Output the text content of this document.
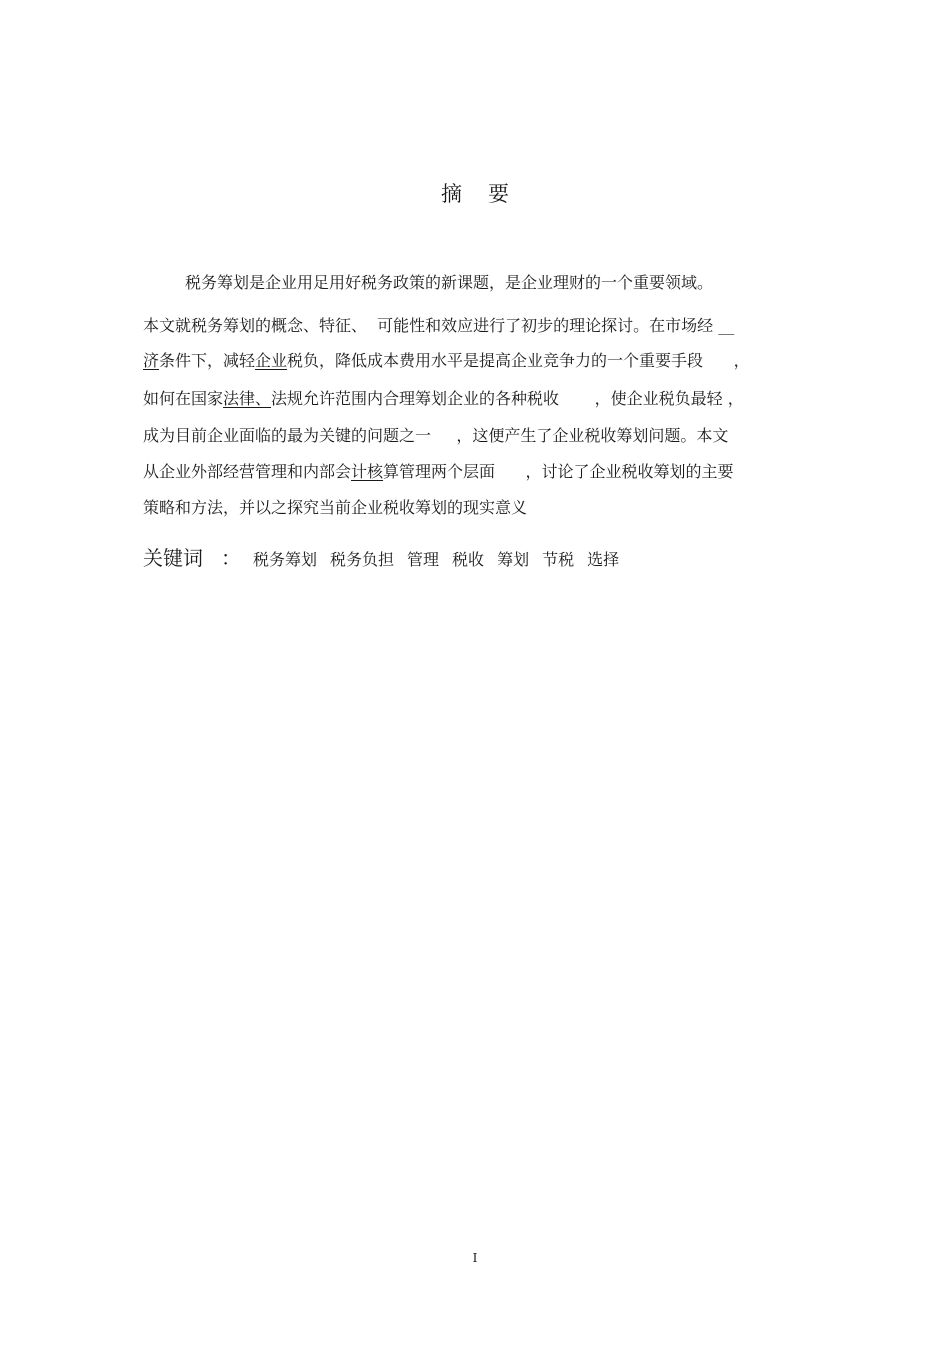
摘 要
税务筹划是企业用足用好税务政策的新课题，是企业理财的一个重要领域。
本文就税务筹划的概念、特征、  可能性和效应进行了初步的理论探讨。在市场经 __
济条件下，减轻企业税负，降低成本费用水平是提高企业竞争力的一个重要手段      ，
如何在国家法律、法规允许范围内合理筹划企业的各种税收       ，使企业税负最轻 ，
成为目前企业面临的最为关键的问题之一     ，这便产生了企业税收筹划问题。本文
从企业外部经营管理和内部会计核算管理两个层面      ，讨论了企业税收筹划的主要
策略和方法，并以之探究当前企业税收筹划的现实意义
关键词 ： 税务筹划 税务负担 管理 税收 筹划 节税 选择
I
